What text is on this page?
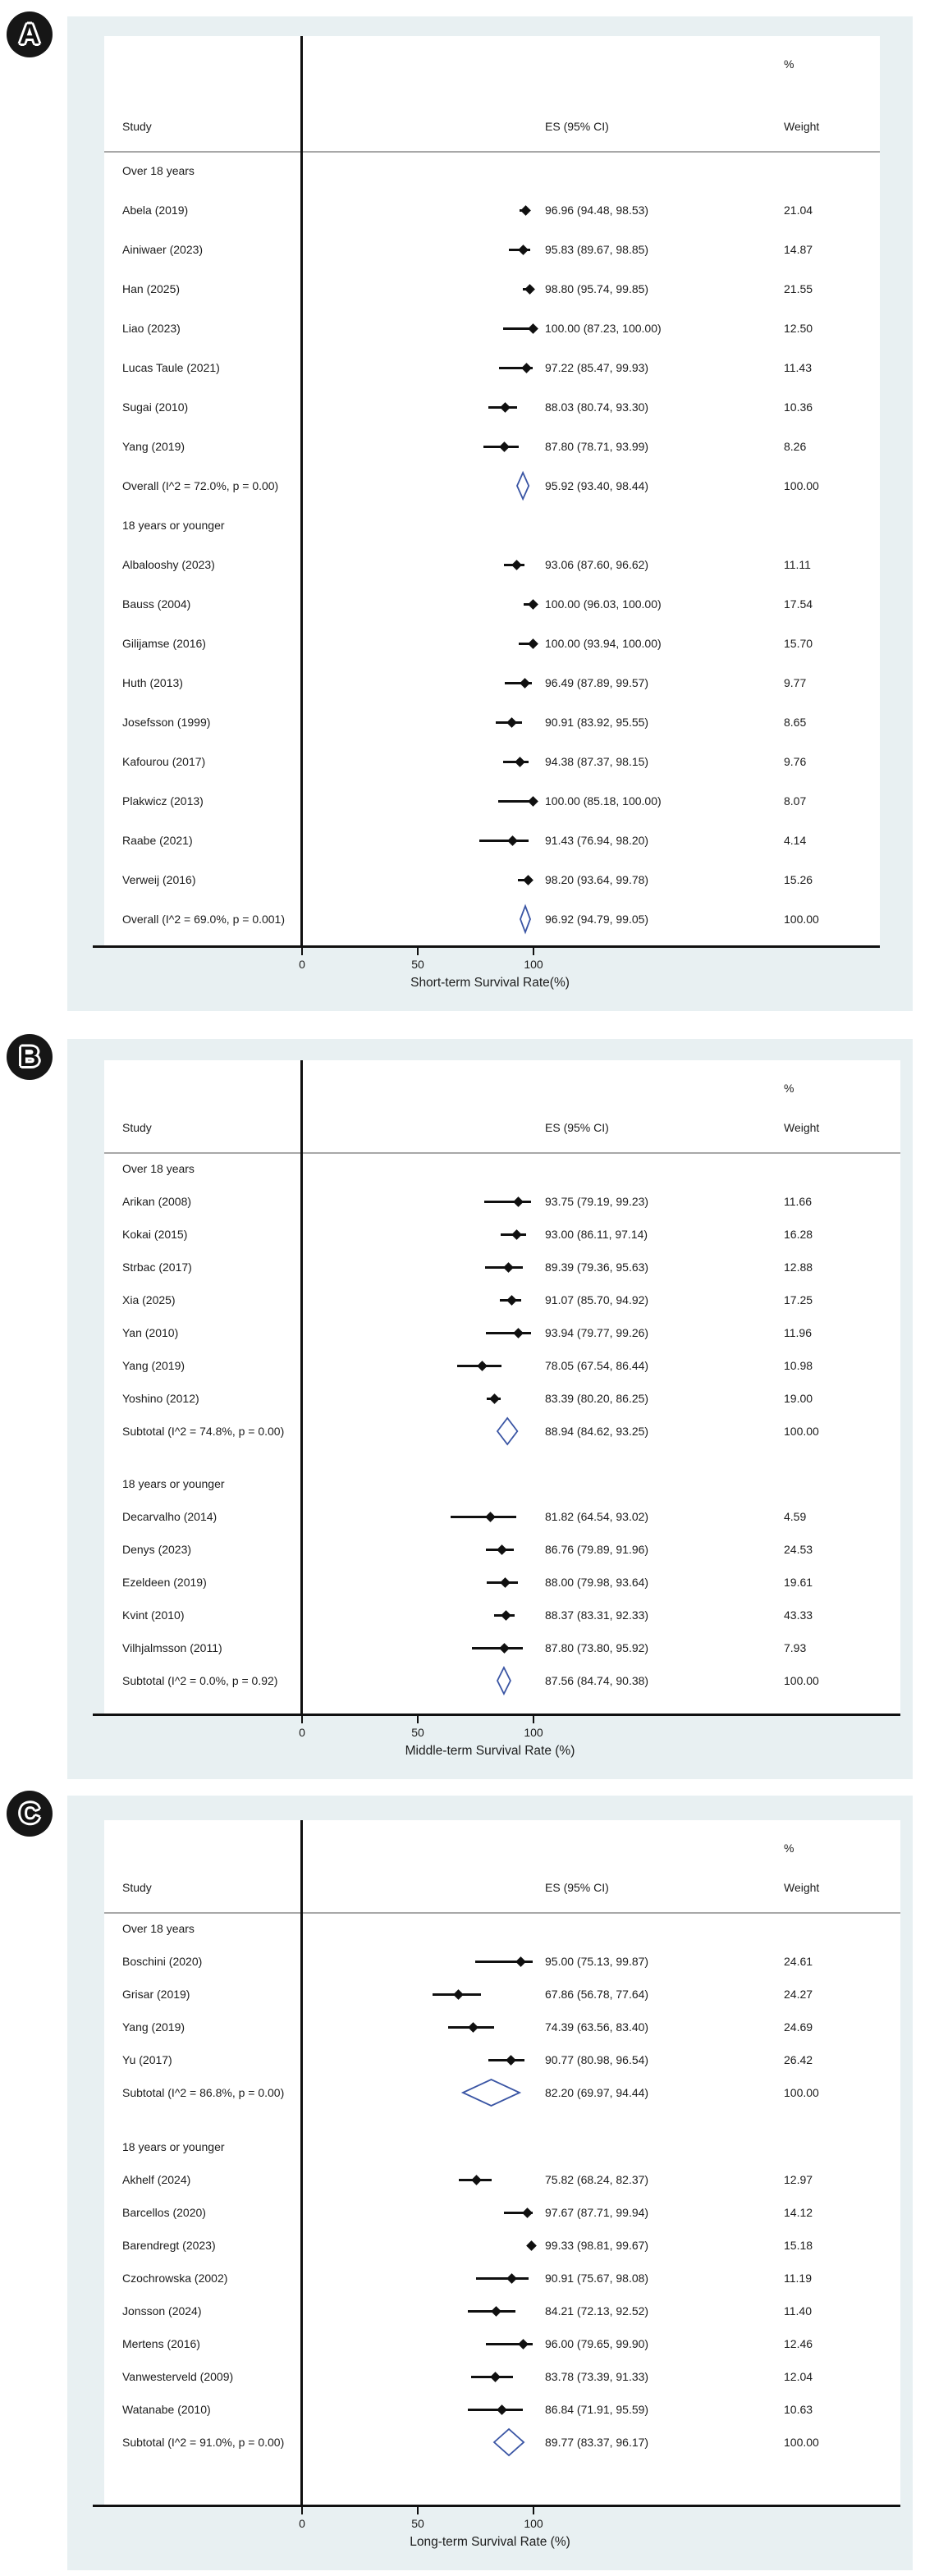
A
Study
%
ES (95% CI)	Weight
Over 18 years
Abela (2019)	96.96 (94.48, 98.53)	21.04
Ainiwaer (2023)	95.83 (89.67, 98.85)	14.87
Han (2025)	98.80 (95.74, 99.85)	21.55
Liao (2023)	100.00 (87.23, 100.00)	12.50
Lucas Taule (2021)	97.22 (85.47, 99.93)	11.43
Sugai (2010)	88.03 (80.74, 93.30)	10.36
Yang (2019)	87.80 (78.71, 93.99)	8.26
Overall (I^2 = 72.0%, p = 0.00)	95.92 (93.40, 98.44)	100.00
18 years or younger
Albalooshy (2023)	93.06 (87.60, 96.62)	11.11
Bauss (2004)	100.00 (96.03, 100.00)	17.54
Gilijamse (2016)	100.00 (93.94, 100.00)	15.70
Huth (2013)	96.49 (87.89, 99.57)	9.77
Josefsson (1999)	90.91 (83.92, 95.55)	8.65
Kafourou (2017)	94.38 (87.37, 98.15)	9.76
Plakwicz (2013)	100.00 (85.18, 100.00)	8.07
Raabe (2021)	91.43 (76.94, 98.20)	4.14
Verweij (2016)	98.20 (93.64, 99.78)	15.26
Overall (I^2 = 69.0%, p = 0.001)	96.92 (94.79, 99.05)	100.00
Short-term Survival Rate(%)
0	50	100
B
Study
%
ES (95% CI)	Weight
Over 18 years
Arikan (2008)	93.75 (79.19, 99.23)	11.66
Kokai (2015)	93.00 (86.11, 97.14)	16.28
Strbac (2017)	89.39 (79.36, 95.63)	12.88
Xia (2025)	91.07 (85.70, 94.92)	17.25
Yan (2010)	93.94 (79.77, 99.26)	11.96
Yang (2019)	78.05 (67.54, 86.44)	10.98
Yoshino (2012)	83.39 (80.20, 86.25)	19.00
Subtotal (I^2 = 74.8%, p = 0.00)	88.94 (84.62, 93.25)	100.00
18 years or younger
Decarvalho (2014)	81.82 (64.54, 93.02)	4.59
Denys (2023)	86.76 (79.89, 91.96)	24.53
Ezeldeen (2019)	88.00 (79.98, 93.64)	19.61
Kvint (2010)	88.37 (83.31, 92.33)	43.33
Vilhjalmsson (2011)	87.80 (73.80, 95.92)	7.93
Subtotal (I^2 = 0.0%, p = 0.92)	87.56 (84.74, 90.38)	100.00
Middle-term Survival Rate (%)
0	50	100
C
Study
%
ES (95% CI)	Weight
Over 18 years
Boschini (2020)	95.00 (75.13, 99.87)	24.61
Grisar (2019)	67.86 (56.78, 77.64)	24.27
Yang (2019)	74.39 (63.56, 83.40)	24.69
Yu (2017)	90.77 (80.98, 96.54)	26.42
Subtotal (I^2 = 86.8%, p = 0.00)	82.20 (69.97, 94.44)	100.00
18 years or younger
Akhelf (2024)	75.82 (68.24, 82.37)	12.97
Barcellos (2020)	97.67 (87.71, 99.94)	14.12
Barendregt (2023)	99.33 (98.81, 99.67)	15.18
Czochrowska (2002)	90.91 (75.67, 98.08)	11.19
Jonsson (2024)	84.21 (72.13, 92.52)	11.40
Mertens (2016)	96.00 (79.65, 99.90)	12.46
Vanwesterveld (2009)	83.78 (73.39, 91.33)	12.04
Watanabe (2010)	86.84 (71.91, 95.59)	10.63
Subtotal (I^2 = 91.0%, p = 0.00)	89.77 (83.37, 96.17)	100.00
Long-term Survival Rate (%)
0	50	100
